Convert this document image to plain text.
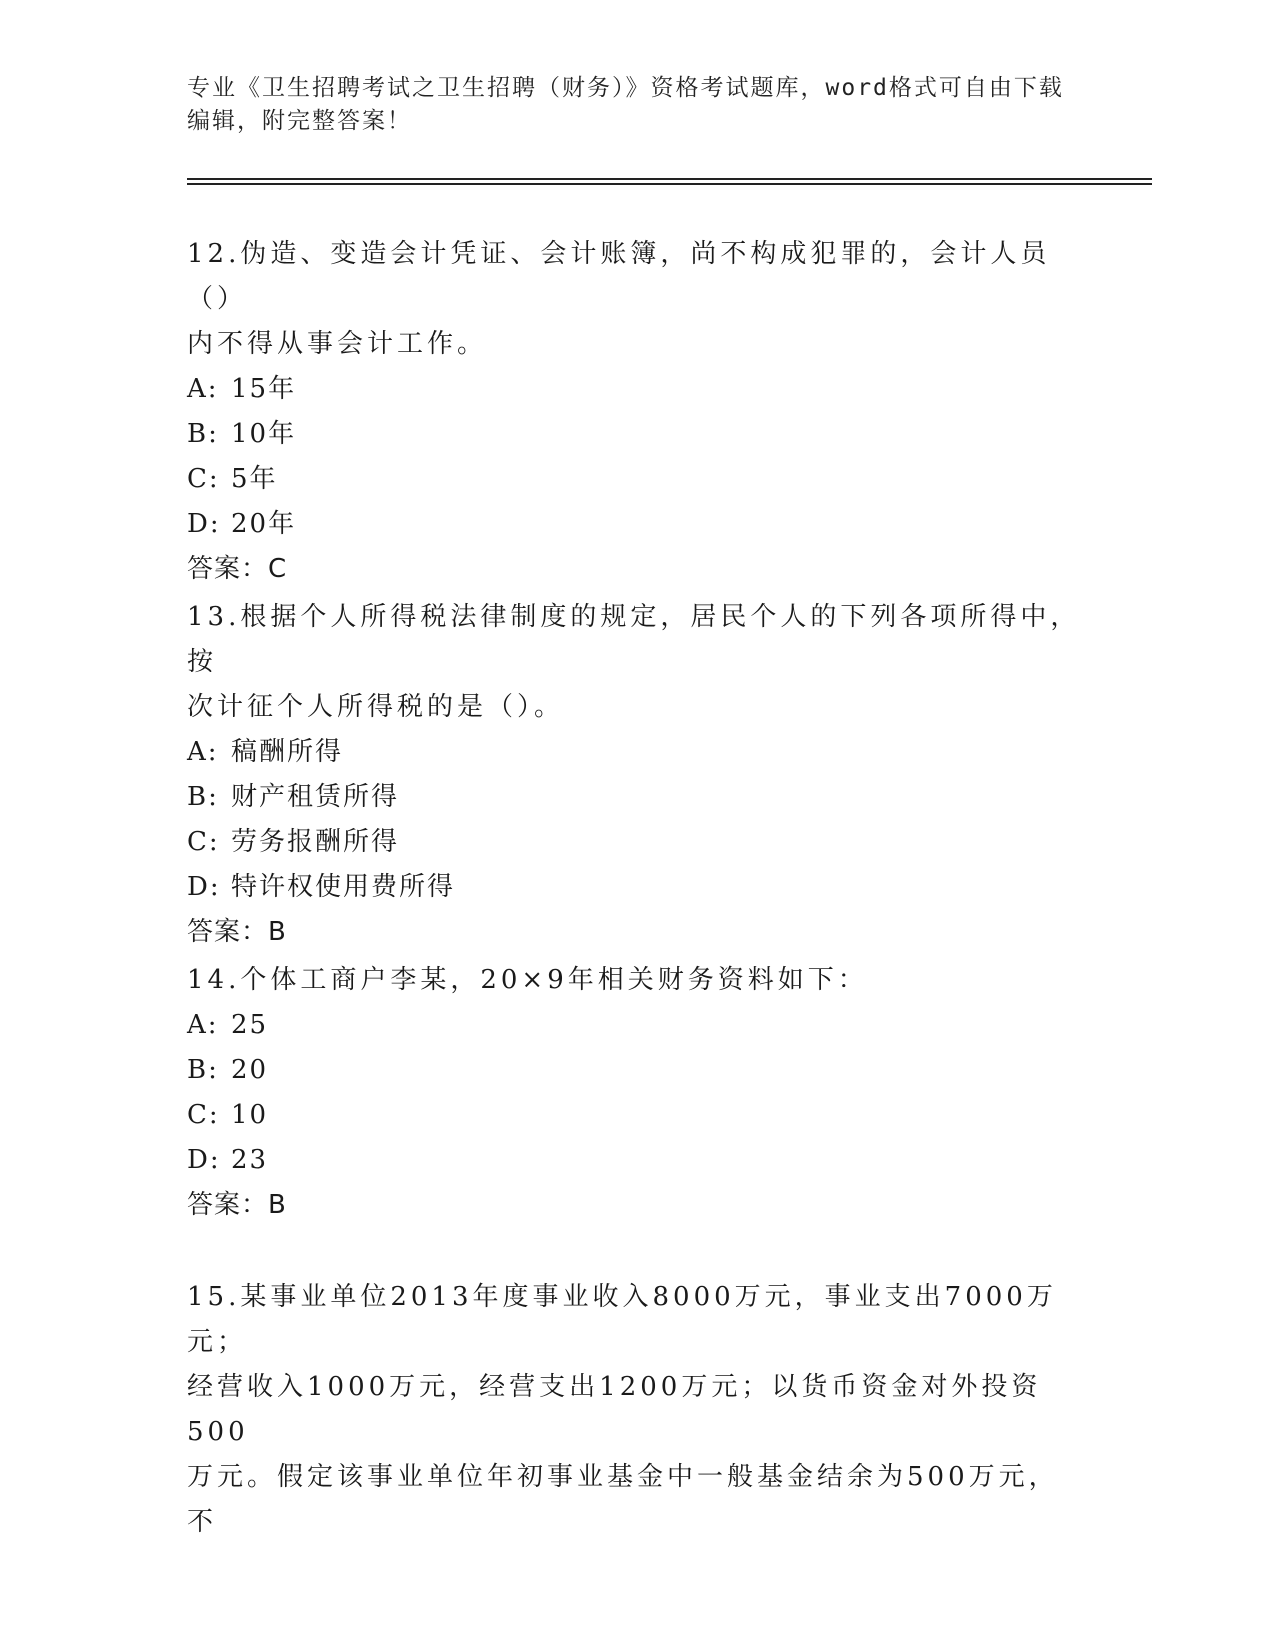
专业《卫生招聘考试之卫生招聘（财务）》资格考试题库，word格式可自由下载
编辑，附完整答案！

12.伪造、变造会计凭证、会计账簿，尚不构成犯罪的，会计人员（）

内不得从事会计工作。

A: 15年

B: 10年

C: 5年

D: 20年

答案：C

13.根据个人所得税法律制度的规定，居民个人的下列各项所得中，按

次计征个人所得税的是（）。

A: 稿酬所得

B: 财产租赁所得

C: 劳务报酬所得

D: 特许权使用费所得

答案：B

14.个体工商户李某，20×9年相关财务资料如下：

A: 25

B: 20

C: 10

D: 23

答案：B

15.某事业单位2013年度事业收入8000万元，事业支出7000万元；

经营收入1000万元，经营支出1200万元；以货币资金对外投资500

万元。假定该事业单位年初事业基金中一般基金结余为500万元，不
